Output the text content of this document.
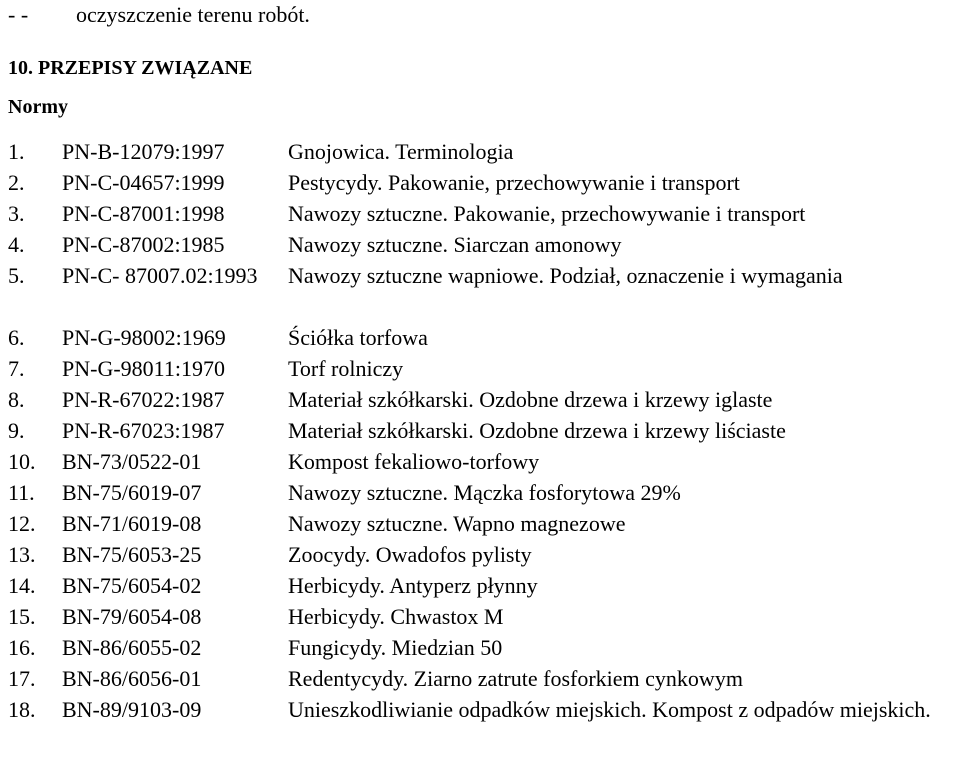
- - oczyszczenie terenu robót.
10. PRZEPISY ZWIĄZANE
Normy
1.	PN-B-12079:1997	Gnojowica. Terminologia
2.	PN-C-04657:1999	Pestycydy. Pakowanie, przechowywanie i transport
3.	PN-C-87001:1998	Nawozy sztuczne. Pakowanie, przechowywanie i transport
4.	PN-C-87002:1985	Nawozy sztuczne. Siarczan amonowy
5.	PN-C- 87007.02:1993	Nawozy sztuczne wapniowe. Podział, oznaczenie i wymagania
6.	PN-G-98002:1969	Ściółka torfowa
7.	PN-G-98011:1970	Torf rolniczy
8.	PN-R-67022:1987	Materiał szkółkarski. Ozdobne drzewa i krzewy iglaste
9.	PN-R-67023:1987	Materiał szkółkarski. Ozdobne drzewa i krzewy liściaste
10.	BN-73/0522-01	Kompost fekaliowo-torfowy
11.	BN-75/6019-07	Nawozy sztuczne. Mączka fosforytowa 29%
12.	BN-71/6019-08	Nawozy sztuczne. Wapno magnezowe
13.	BN-75/6053-25	Zoocydy. Owadofos pylisty
14.	BN-75/6054-02	Herbicydy. Antyperz płynny
15.	BN-79/6054-08	Herbicydy. Chwastox M
16.	BN-86/6055-02	Fungicydy. Miedzian 50
17.	BN-86/6056-01	Redentycydy. Ziarno zatrute fosforkiem cynkowym
18.	BN-89/9103-09	Unieszkodliwianie odpadków miejskich. Kompost z odpadów miejskich.
